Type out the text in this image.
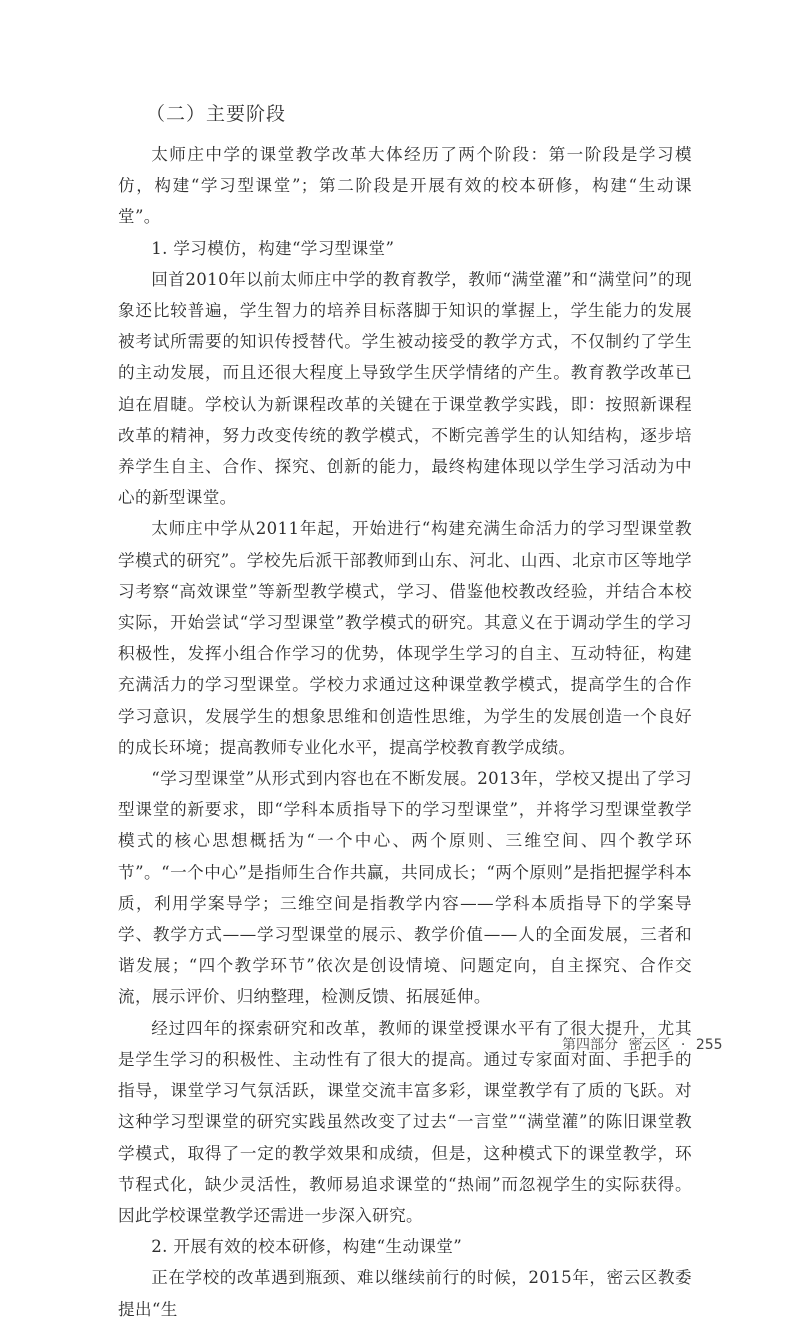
（二）主要阶段

太师庄中学的课堂教学改革大体经历了两个阶段：第一阶段是学习模仿，构建“学习型课堂”；第二阶段是开展有效的校本研修，构建“生动课堂”。

1. 学习模仿，构建“学习型课堂”

回首2010年以前太师庄中学的教育教学，教师“满堂灌”和“满堂问”的现象还比较普遍，学生智力的培养目标落脚于知识的掌握上，学生能力的发展被考试所需要的知识传授替代。学生被动接受的教学方式，不仅制约了学生的主动发展，而且还很大程度上导致学生厌学情绪的产生。教育教学改革已迫在眉睫。学校认为新课程改革的关键在于课堂教学实践，即：按照新课程改革的精神，努力改变传统的教学模式，不断完善学生的认知结构，逐步培养学生自主、合作、探究、创新的能力，最终构建体现以学生学习活动为中心的新型课堂。

太师庄中学从2011年起，开始进行“构建充满生命活力的学习型课堂教学模式的研究”。学校先后派干部教师到山东、河北、山西、北京市区等地学习考察“高效课堂”等新型教学模式，学习、借鉴他校教改经验，并结合本校实际，开始尝试“学习型课堂”教学模式的研究。其意义在于调动学生的学习积极性，发挥小组合作学习的优势，体现学生学习的自主、互动特征，构建充满活力的学习型课堂。学校力求通过这种课堂教学模式，提高学生的合作学习意识，发展学生的想象思维和创造性思维，为学生的发展创造一个良好的成长环境；提高教师专业化水平，提高学校教育教学成绩。

“学习型课堂”从形式到内容也在不断发展。2013年，学校又提出了学习型课堂的新要求，即“学科本质指导下的学习型课堂”，并将学习型课堂教学模式的核心思想概括为“一个中心、两个原则、三维空间、四个教学环节”。“一个中心”是指师生合作共赢，共同成长；“两个原则”是指把握学科本质，利用学案导学；三维空间是指教学内容——学科本质指导下的学案导学、教学方式——学习型课堂的展示、教学价值——人的全面发展，三者和谐发展；“四个教学环节”依次是创设情境、问题定向，自主探究、合作交流，展示评价、归纳整理，检测反馈、拓展延伸。

经过四年的探索研究和改革，教师的课堂授课水平有了很大提升，尤其是学生学习的积极性、主动性有了很大的提高。通过专家面对面、手把手的指导，课堂学习气氛活跃，课堂交流丰富多彩，课堂教学有了质的飞跃。对这种学习型课堂的研究实践虽然改变了过去“一言堂”“满堂灌”的陈旧课堂教学模式，取得了一定的教学效果和成绩，但是，这种模式下的课堂教学，环节程式化，缺少灵活性，教师易追求课堂的“热闹”而忽视学生的实际获得。因此学校课堂教学还需进一步深入研究。

2. 开展有效的校本研修，构建“生动课堂”

正在学校的改革遇到瓶颈、难以继续前行的时候，2015年，密云区教委提出“生

第四部分 密云区 · 255
